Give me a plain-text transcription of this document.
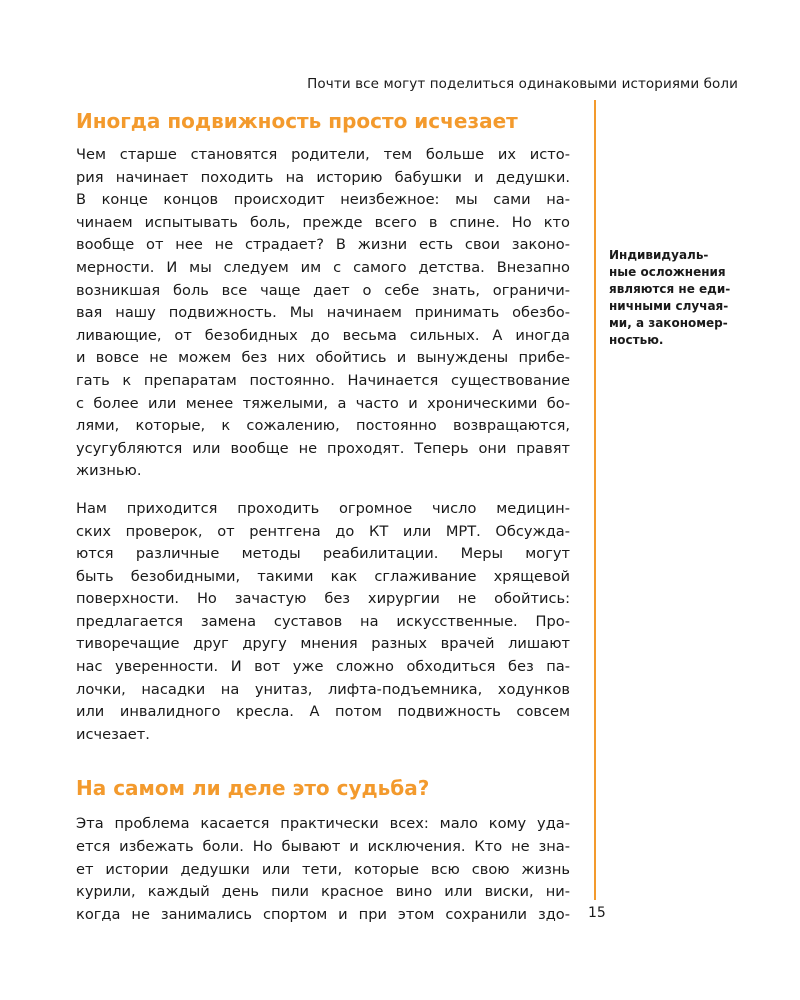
Почти все могут поделиться одинаковыми историями боли
Иногда подвижность просто исчезает
Чем старше становятся родители, тем больше их исто-
рия начинает походить на историю бабушки и дедушки.
В конце концов происходит неизбежное: мы сами на-
чинаем испытывать боль, прежде всего в спине. Но кто
вообще от нее не страдает? В жизни есть свои законо-
мерности. И мы следуем им с самого детства. Внезапно
возникшая боль все чаще дает о себе знать, ограничи-
вая нашу подвижность. Мы начинаем принимать обезбо-
ливающие, от безобидных до весьма сильных. А иногда
и вовсе не можем без них обойтись и вынуждены прибе-
гать к препаратам постоянно. Начинается существование
с более или менее тяжелыми, а часто и хроническими бо-
лями, которые, к сожалению, постоянно возвращаются,
усугубляются или вообще не проходят. Теперь они правят
жизнью.
Нам приходится проходить огромное число медицин-
ских проверок, от рентгена до КТ или МРТ. Обсужда-
ются различные методы реабилитации. Меры могут
быть безобидными, такими как сглаживание хрящевой
поверхности. Но зачастую без хирургии не обойтись:
предлагается замена суставов на искусственные. Про-
тиворечащие друг другу мнения разных врачей лишают
нас уверенности. И вот уже сложно обходиться без па-
лочки, насадки на унитаз, лифта-подъемника, ходунков
или инвалидного кресла. А потом подвижность совсем
исчезает.
На самом ли деле это судьба?
Эта проблема касается практически всех: мало кому уда-
ется избежать боли. Но бывают и исключения. Кто не зна-
ет истории дедушки или тети, которые всю свою жизнь
курили, каждый день пили красное вино или виски, ни-
когда не занимались спортом и при этом сохранили здо-
Индивидуаль-
ные осложнения
являются не еди-
ничными случая-
ми, а закономер-
ностью.
15
